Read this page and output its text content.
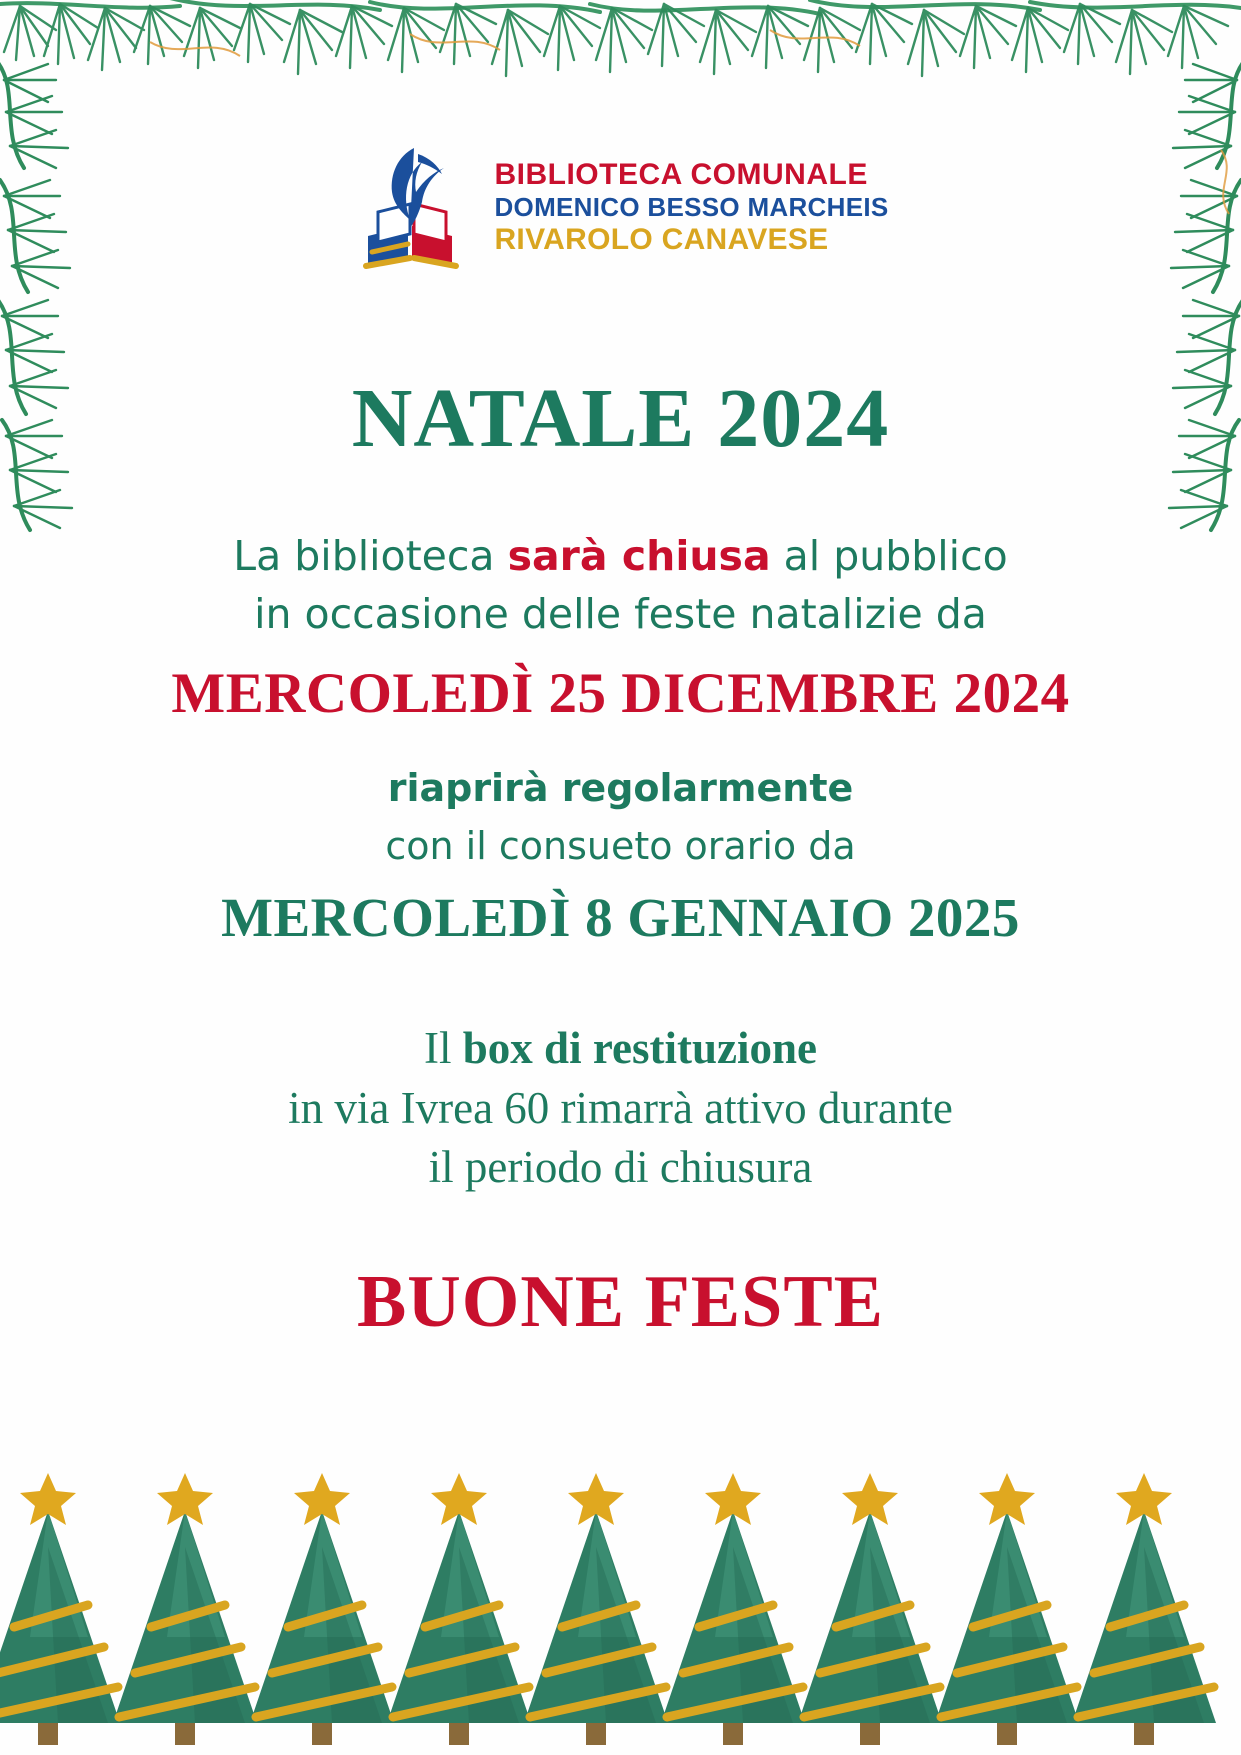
BIBLIOTECA COMUNALE
DOMENICO BESSO MARCHEIS
RIVAROLO CANAVESE
NATALE 2024
La biblioteca sarà chiusa al pubblico
in occasione delle feste natalizie da
MERCOLEDÌ 25 DICEMBRE 2024
riaprirà regolarmente
con il consueto orario da
MERCOLEDÌ 8 GENNAIO 2025
Il box di restituzione
in via Ivrea 60 rimarrà attivo durante
il periodo di chiusura
BUONE FESTE
